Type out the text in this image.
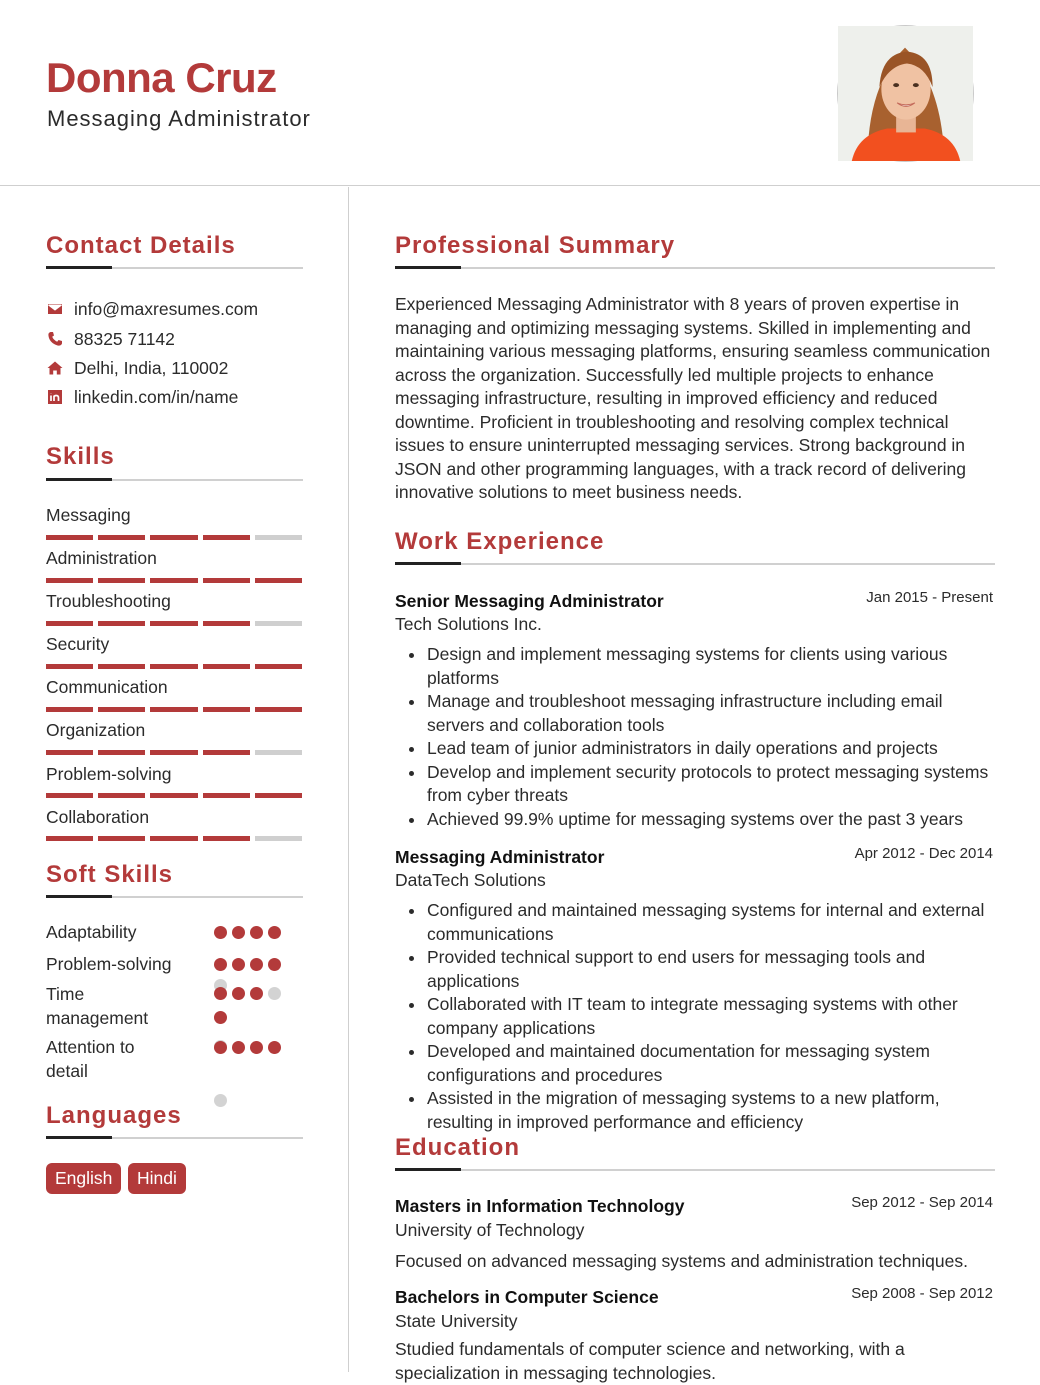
Donna Cruz
Messaging Administrator
Contact Details
info@maxresumes.com
88325 71142
Delhi, India, 110002
linkedin.com/in/name
Skills
Messaging
Administration
Troubleshooting
Security
Communication
Organization
Problem-solving
Collaboration
Soft Skills
Adaptability
Problem-solving
Time management
Attention to detail
Languages
English	Hindi
Professional Summary
Experienced Messaging Administrator with 8 years of proven expertise in managing and optimizing messaging systems. Skilled in implementing and maintaining various messaging platforms, ensuring seamless communication across the organization. Successfully led multiple projects to enhance messaging infrastructure, resulting in improved efficiency and reduced downtime. Proficient in troubleshooting and resolving complex technical issues to ensure uninterrupted messaging services. Strong background in JSON and other programming languages, with a track record of delivering innovative solutions to meet business needs.
Work Experience
Senior Messaging Administrator	Jan 2015 - Present
Tech Solutions Inc.
Design and implement messaging systems for clients using various platforms
Manage and troubleshoot messaging infrastructure including email servers and collaboration tools
Lead team of junior administrators in daily operations and projects
Develop and implement security protocols to protect messaging systems from cyber threats
Achieved 99.9% uptime for messaging systems over the past 3 years
Messaging Administrator	Apr 2012 - Dec 2014
DataTech Solutions
Configured and maintained messaging systems for internal and external communications
Provided technical support to end users for messaging tools and applications
Collaborated with IT team to integrate messaging systems with other company applications
Developed and maintained documentation for messaging system configurations and procedures
Assisted in the migration of messaging systems to a new platform, resulting in improved performance and efficiency
Education
Masters in Information Technology	Sep 2012 - Sep 2014
University of Technology
Focused on advanced messaging systems and administration techniques.
Bachelors in Computer Science	Sep 2008 - Sep 2012
State University
Studied fundamentals of computer science and networking, with a specialization in messaging technologies.
